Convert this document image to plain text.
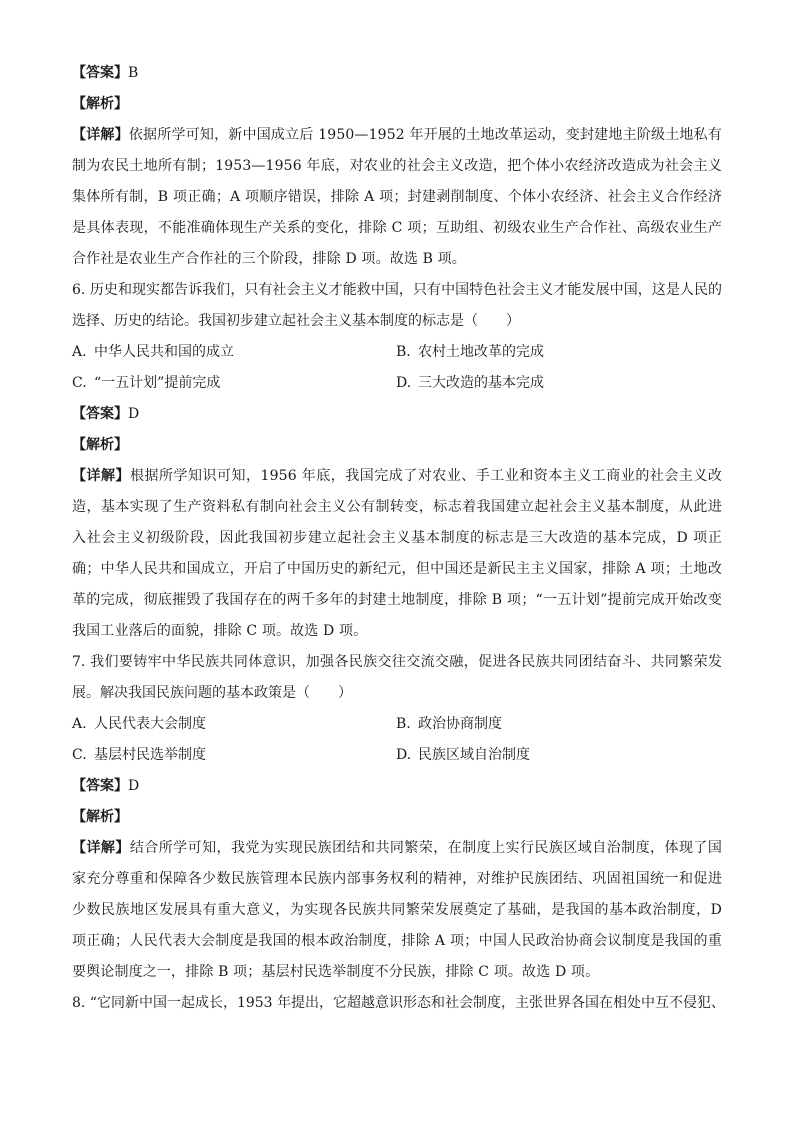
【答案】B
【解析】
【详解】依据所学可知，新中国成立后 1950—1952 年开展的土地改革运动，变封建地主阶级土地私有制为农民土地所有制；1953—1956 年底，对农业的社会主义改造，把个体小农经济改造成为社会主义集体所有制，B 项正确；A 项顺序错误，排除 A 项；封建剥削制度、个体小农经济、社会主义合作经济是具体表现，不能准确体现生产关系的变化，排除 C 项；互助组、初级农业生产合作社、高级农业生产合作社是农业生产合作社的三个阶段，排除 D 项。故选 B 项。
6. 历史和现实都告诉我们，只有社会主义才能救中国，只有中国特色社会主义才能发展中国，这是人民的选择、历史的结论。我国初步建立起社会主义基本制度的标志是（　　）
A. 中华人民共和国的成立	B. 农村土地改革的完成
C. “一五计划”提前完成	D. 三大改造的基本完成
【答案】D
【解析】
【详解】根据所学知识可知，1956 年底，我国完成了对农业、手工业和资本主义工商业的社会主义改造，基本实现了生产资料私有制向社会主义公有制转变，标志着我国建立起社会主义基本制度，从此进入社会主义初级阶段，因此我国初步建立起社会主义基本制度的标志是三大改造的基本完成，D 项正确；中华人民共和国成立，开启了中国历史的新纪元，但中国还是新民主主义国家，排除 A 项；土地改革的完成，彻底摧毁了我国存在的两千多年的封建土地制度，排除 B 项；“一五计划”提前完成开始改变我国工业落后的面貌，排除 C 项。故选 D 项。
7. 我们要铸牢中华民族共同体意识，加强各民族交往交流交融，促进各民族共同团结奋斗、共同繁荣发展。解决我国民族问题的基本政策是（　　）
A. 人民代表大会制度	B. 政治协商制度
C. 基层村民选举制度	D. 民族区域自治制度
【答案】D
【解析】
【详解】结合所学可知，我党为实现民族团结和共同繁荣，在制度上实行民族区域自治制度，体现了国家充分尊重和保障各少数民族管理本民族内部事务权利的精神，对维护民族团结、巩固祖国统一和促进少数民族地区发展具有重大意义，为实现各民族共同繁荣发展奠定了基础，是我国的基本政治制度，D 项正确；人民代表大会制度是我国的根本政治制度，排除 A 项；中国人民政治协商会议制度是我国的重要舆论制度之一，排除 B 项；基层村民选举制度不分民族，排除 C 项。故选 D 项。
8. “它同新中国一起成长，1953 年提出，它超越意识形态和社会制度，主张世界各国在相处中互不侵犯、
